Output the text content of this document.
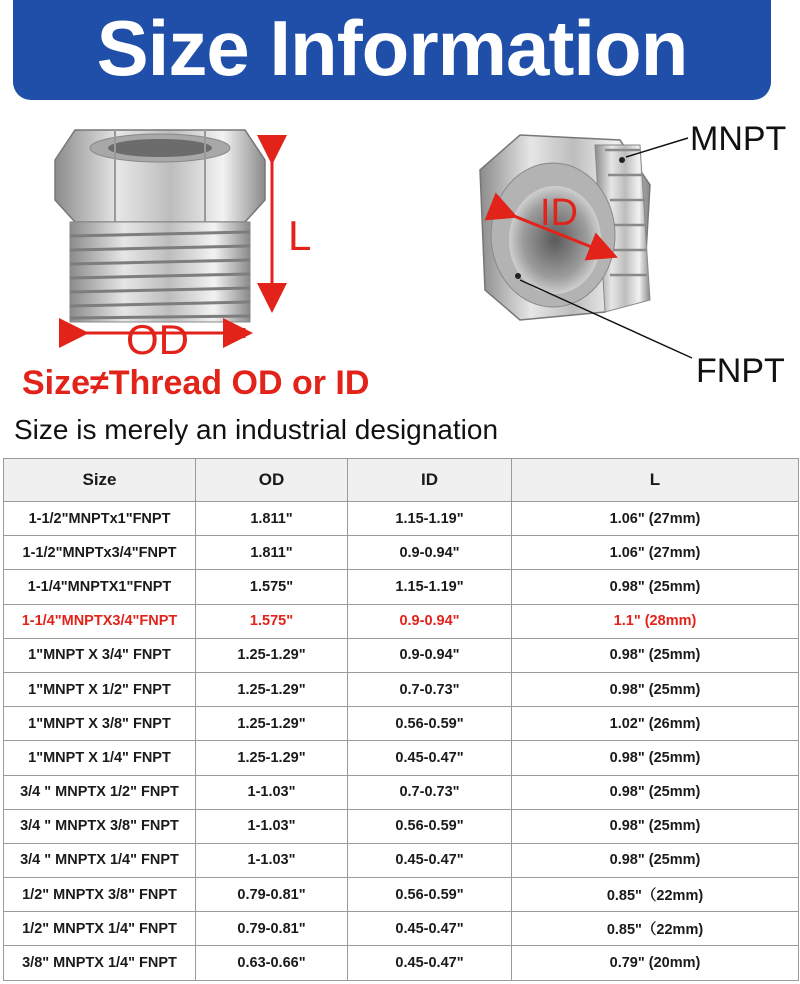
Size Information
L
OD
ID
MNPT
FNPT
Size≠Thread OD or ID
Size is merely an industrial designation
Size	OD	ID	L
1-1/2"MNPTx1"FNPT	1.811"	1.15-1.19"	1.06" (27mm)
1-1/2"MNPTx3/4"FNPT	1.811"	0.9-0.94"	1.06" (27mm)
1-1/4"MNPTX1"FNPT	1.575"	1.15-1.19"	0.98" (25mm)
1-1/4"MNPTX3/4"FNPT	1.575"	0.9-0.94"	1.1" (28mm)
1"MNPT X 3/4" FNPT	1.25-1.29"	0.9-0.94"	0.98" (25mm)
1"MNPT X 1/2" FNPT	1.25-1.29"	0.7-0.73"	0.98" (25mm)
1"MNPT X 3/8" FNPT	1.25-1.29"	0.56-0.59"	1.02" (26mm)
1"MNPT X 1/4" FNPT	1.25-1.29"	0.45-0.47"	0.98" (25mm)
3/4 " MNPTX 1/2" FNPT	1-1.03"	0.7-0.73"	0.98" (25mm)
3/4 " MNPTX 3/8" FNPT	1-1.03"	0.56-0.59"	0.98" (25mm)
3/4 " MNPTX 1/4" FNPT	1-1.03"	0.45-0.47"	0.98" (25mm)
1/2" MNPTX 3/8" FNPT	0.79-0.81"	0.56-0.59"	0.85"（22mm)
1/2" MNPTX 1/4" FNPT	0.79-0.81"	0.45-0.47"	0.85"（22mm)
3/8" MNPTX 1/4" FNPT	0.63-0.66"	0.45-0.47"	0.79" (20mm)
